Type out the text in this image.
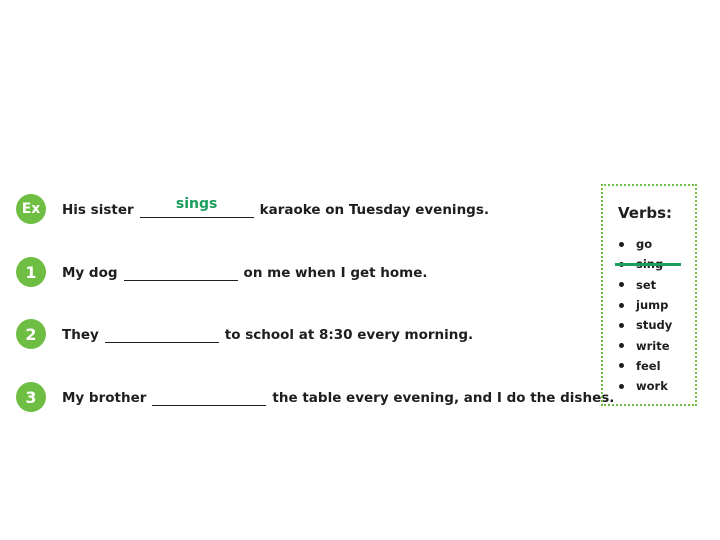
Ex	His sister	sings	karaoke on Tuesday evenings.
1	My dog	on me when I get home.
2	They	to school at 8:30 every morning.
3	My brother	the table every evening, and I do the dishes.
Verbs:
go
set
jump
study
write
feel
work
